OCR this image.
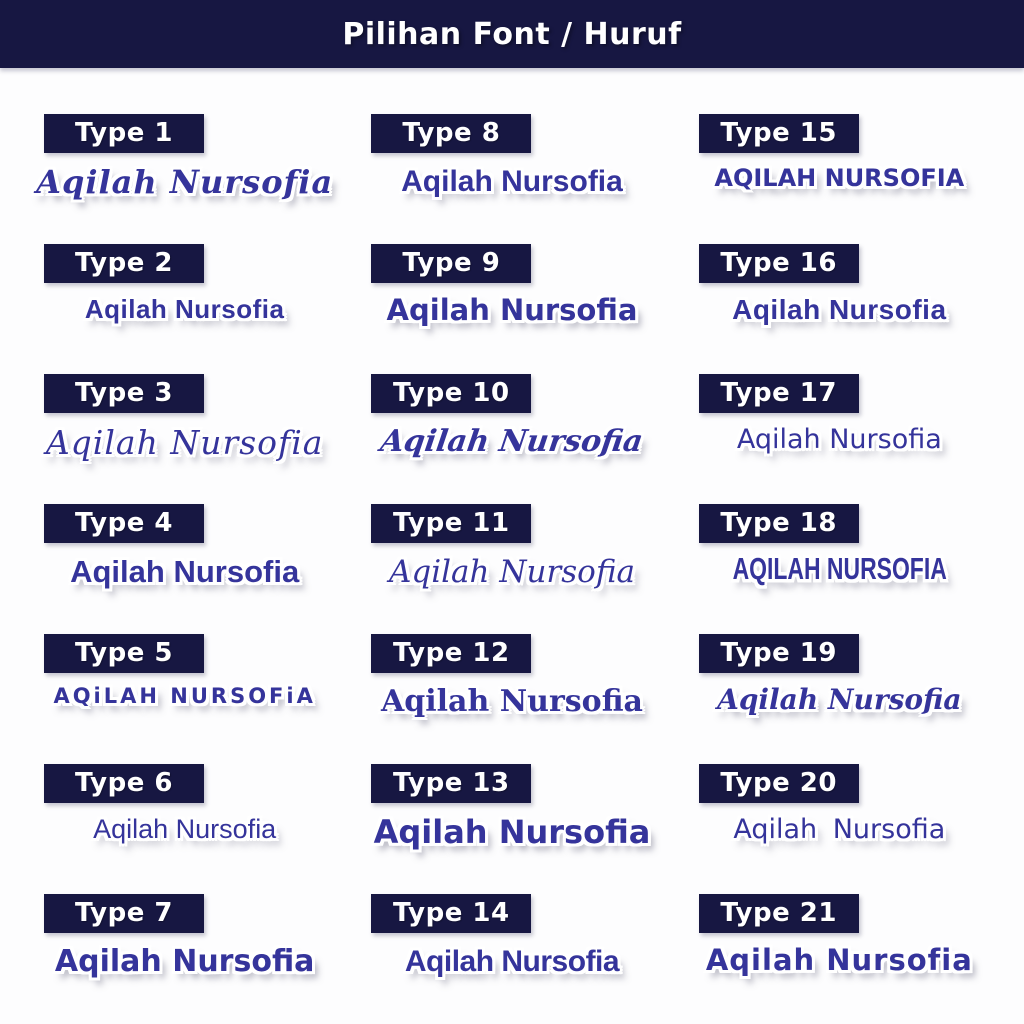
Pilihan Font / Huruf
Type 1
Aqilah Nursofia
Type 2
Aqilah Nursofia
Type 3
Aqilah Nursofia
Type 4
Aqilah Nursofia
Type 5
AQiLAH NURSOFiA
Type 6
Aqilah Nursofia
Type 7
Aqilah Nursofia
Type 8
Aqilah Nursofia
Type 9
Aqilah Nursofia
Type 10
Aqilah Nursofia
Type 11
Aqilah Nursofia
Type 12
Aqilah Nursofia
Type 13
Aqilah Nursofia
Type 14
Aqilah Nursofia
Type 15
AQILAH NURSOFIA
Type 16
Aqilah Nursofia
Type 17
Aqilah Nursofia
Type 18
AQILAH NURSOFIA
Type 19
Aqilah Nursofia
Type 20
Aqilah Nursofia
Type 21
Aqilah Nursofia
